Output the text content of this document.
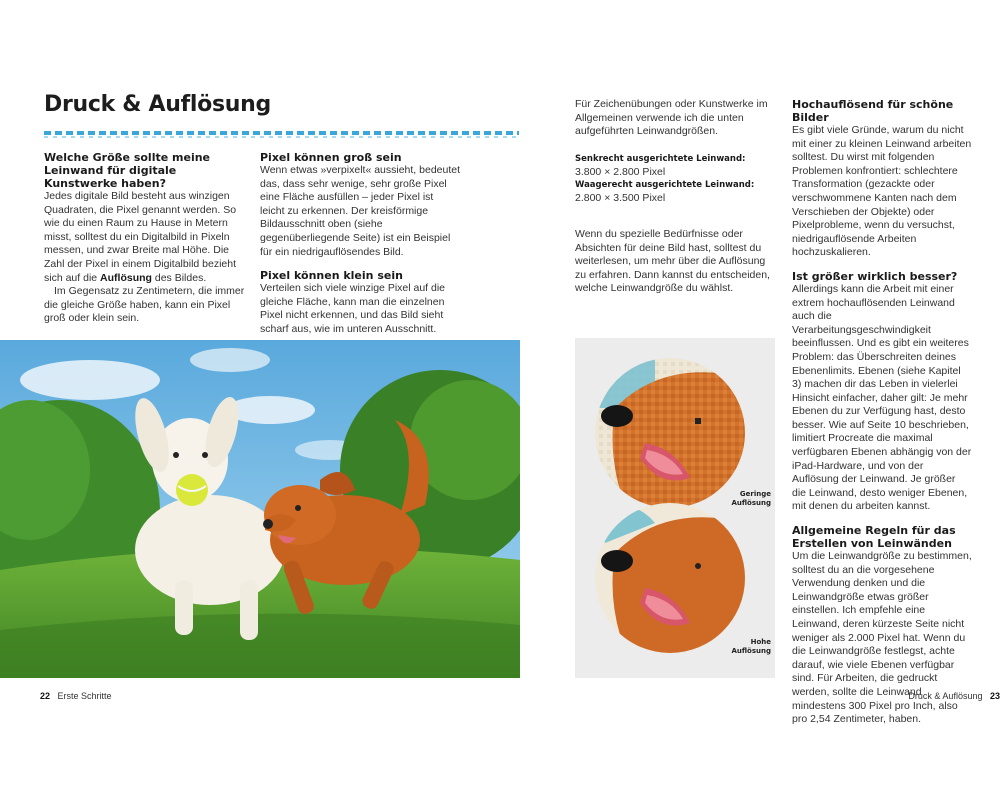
Druck & Auflösung
Welche Größe sollte meine Leinwand für digitale Kunstwerke haben?

Jedes digitale Bild besteht aus winzigen Quadraten, die Pixel genannt werden. So wie du einen Raum zu Hause in Metern misst, solltest du ein Digitalbild in Pixeln messen, und zwar Breite mal Höhe. Die Zahl der Pixel in einem Digitalbild bezieht sich auf die Auflösung des Bildes.

Im Gegensatz zu Zentimetern, die immer die gleiche Größe haben, kann ein Pixel groß oder klein sein.

Pixel können groß sein

Wenn etwas »verpixelt« aussieht, bedeutet das, dass sehr wenige, sehr große Pixel eine Fläche ausfüllen – jeder Pixel ist leicht zu erkennen. Der kreisförmige Bildausschnitt oben (siehe gegenüberliegende Seite) ist ein Beispiel für ein niedrigauflösendes Bild.

Pixel können klein sein

Verteilen sich viele winzige Pixel auf die gleiche Fläche, kann man die einzelnen Pixel nicht erkennen, und das Bild sieht scharf aus, wie im unteren Ausschnitt.

Für Zeichenübungen oder Kunstwerke im Allgemeinen verwende ich die unten aufgeführten Leinwandgrößen.

Senkrecht ausgerichtete Leinwand:

3.800 × 2.800 Pixel

Waagerecht ausgerichtete Leinwand:

2.800 × 3.500 Pixel

Wenn du spezielle Bedürfnisse oder Absichten für deine Bild hast, solltest du weiterlesen, um mehr über die Auflösung zu erfahren. Dann kannst du entscheiden, welche Leinwandgröße du wählst.

Geringe

Auflösung

Hohe

Auflösung

Hochauflösend für schöne Bilder

Es gibt viele Gründe, warum du nicht mit einer zu kleinen Leinwand arbeiten solltest. Du wirst mit folgenden Problemen konfrontiert: schlechtere Transformation (gezackte oder verschwommene Kanten nach dem Verschieben der Objekte) oder Pixelprobleme, wenn du versuchst, niedrigauflösende Arbeiten hochzuskalieren.

Ist größer wirklich besser?

Allerdings kann die Arbeit mit einer extrem hochauflösenden Leinwand auch die Verarbeitungsgeschwindigkeit beeinflussen. Und es gibt ein weiteres Problem: das Überschreiten deines Ebenenlimits. Ebenen (siehe Kapitel 3) machen dir das Leben in vielerlei Hinsicht einfacher, daher gilt: Je mehr Ebenen du zur Verfügung hast, desto besser. Wie auf Seite 10 beschrieben, limitiert Procreate die maximal verfügbaren Ebenen abhängig von der iPad-Hardware, und von der Auflösung der Leinwand. Je größer die Leinwand, desto weniger Ebenen, mit denen du arbeiten kannst.

Allgemeine Regeln für das Erstellen von Leinwänden

Um die Leinwandgröße zu bestimmen, solltest du an die vorgesehene Verwendung denken und die Leinwandgröße etwas größer einstellen. Ich empfehle eine Leinwand, deren kürzeste Seite nicht weniger als 2.000 Pixel hat. Wenn du die Leinwandgröße festlegst, achte darauf, wie viele Ebenen verfügbar sind. Für Arbeiten, die gedruckt werden, sollte die Leinwand mindestens 300 Pixel pro Inch, also pro 2,54 Zentimeter, haben.

22 Erste Schritte	Druck & Auflösung 23
